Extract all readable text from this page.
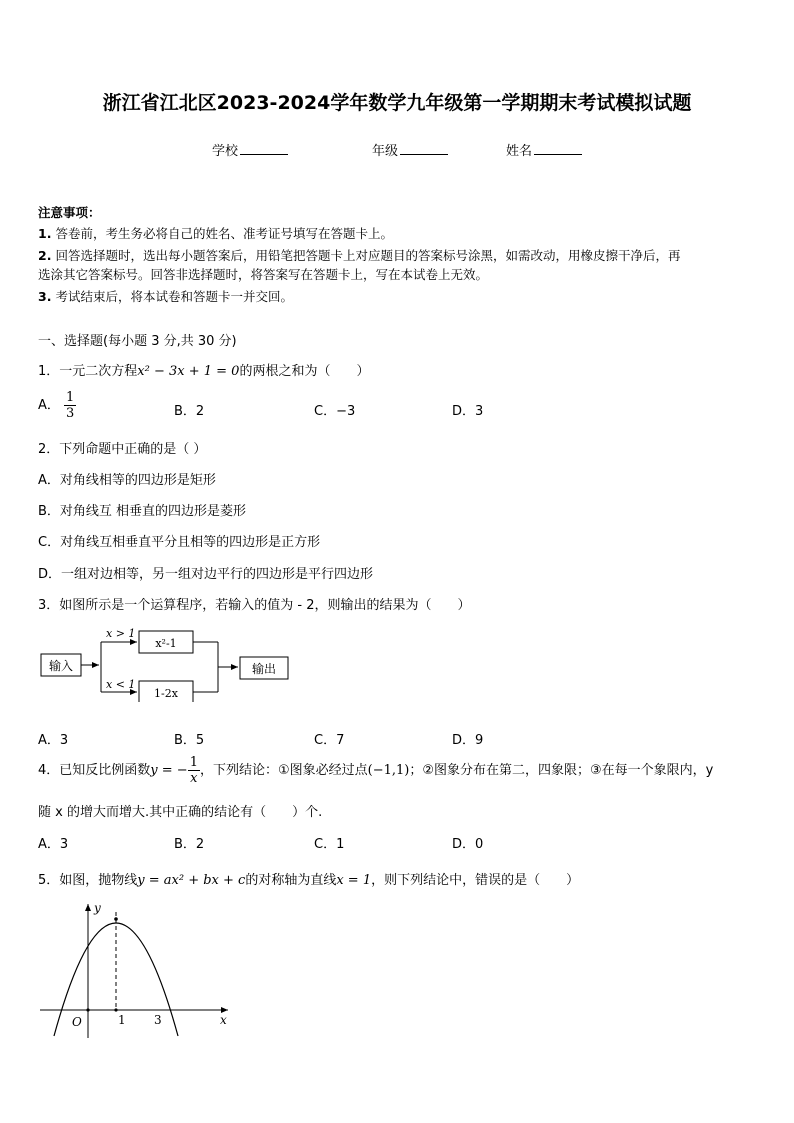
浙江省江北区2023-2024学年数学九年级第一学期期末考试模拟试题
学校	年级	姓名
注意事项：
1. 答卷前，考生务必将自己的姓名、准考证号填写在答题卡上。
2. 回答选择题时，选出每小题答案后，用铅笔把答题卡上对应题目的答案标号涂黑，如需改动，用橡皮擦干净后，再
选涂其它答案标号。回答非选择题时，将答案写在答题卡上，写在本试卷上无效。
3. 考试结束后，将本试卷和答题卡一并交回。
一、选择题(每小题 3 分,共 30 分)
1．一元二次方程x² − 3x + 1 = 0的两根之和为（　　）
A． $\frac{1}{3}$	B．2	C．−3	D．3
2．下列命题中正确的是（ ）
A．对角线相等的四边形是矩形
B．对角线互 相垂直的四边形是菱形
C．对角线互相垂直平分且相等的四边形是正方形
D．一组对边相等，另一组对边平行的四边形是平行四边形
3．如图所示是一个运算程序，若输入的值为 - 2，则输出的结果为（　　）
输入
x > 1
x < 1
x²-1
1-2x
输出
A．3	B．5	C．7	D．9
4．已知反比例函数y = − $\frac{1}{x}$ ，下列结论：①图象必经过点(−1,1)；②图象分布在第二，四象限；③在每一个象限内，y
随 x 的增大而增大.其中正确的结论有（　　）个.
A．3	B．2	C．1	D．0
5．如图，抛物线y = ax² + bx + c的对称轴为直线x = 1，则下列结论中，错误的是（　　）
y
x
O	1 3
